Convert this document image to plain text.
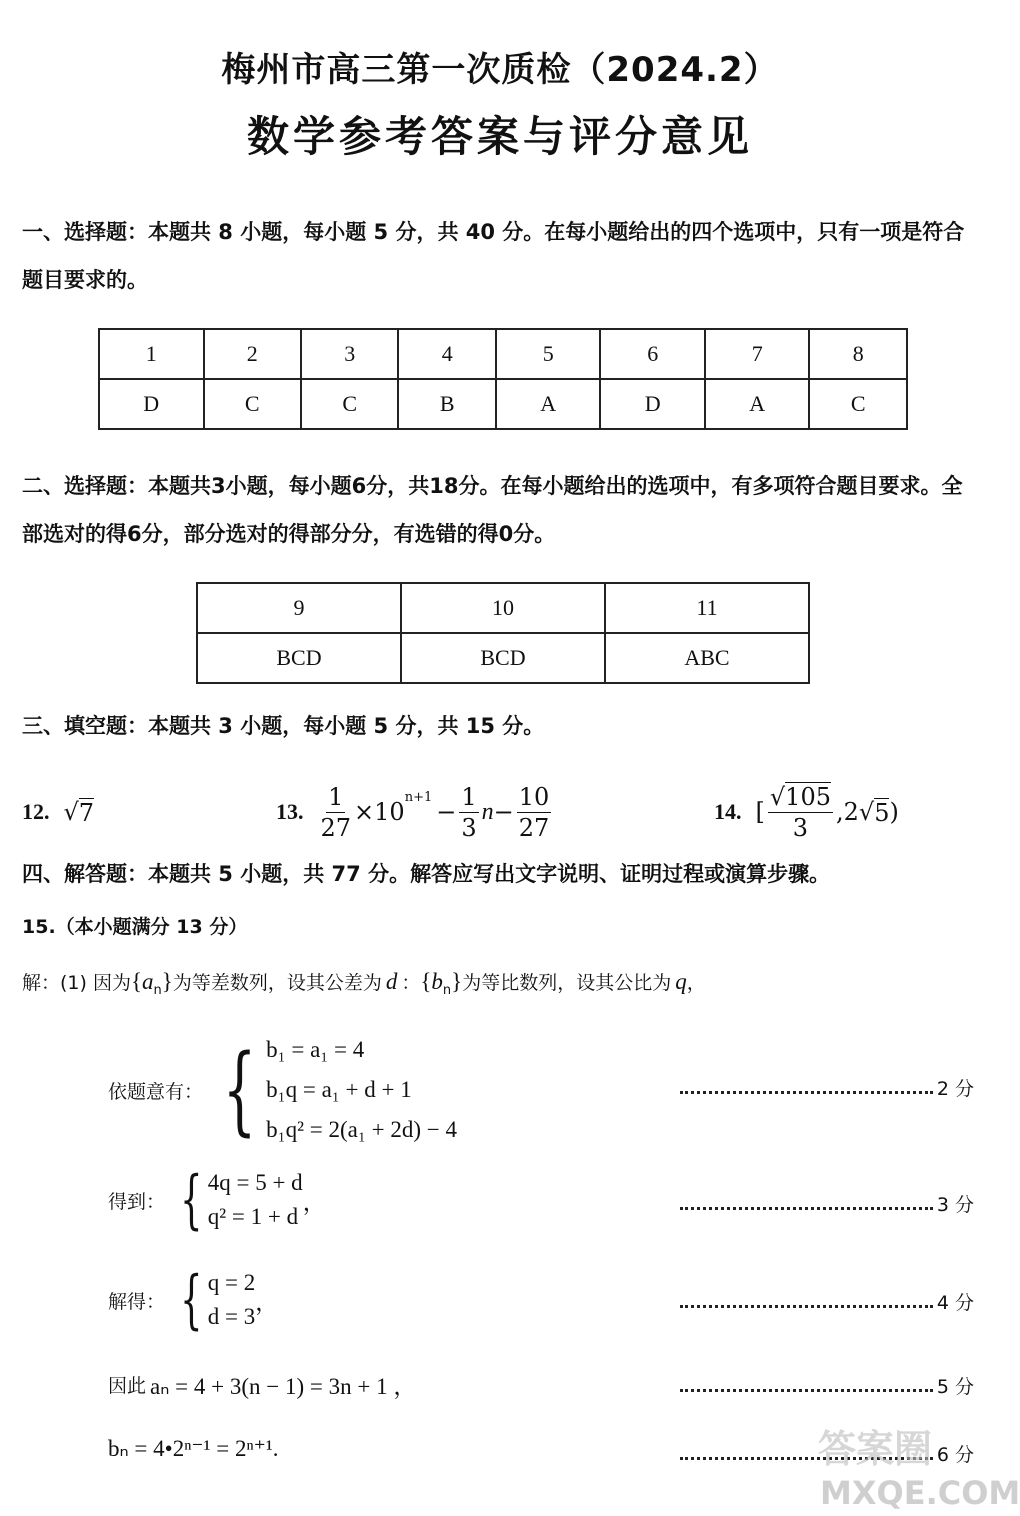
梅州市高三第一次质检（2024.2）
数学参考答案与评分意见
一、选择题：本题共 8 小题，每小题 5 分，共 40 分。在每小题给出的四个选项中，只有一项是符合题目要求的。
1	2	3	4	5	6	7	8
D	C	C	B	A	D	A	C
二、选择题：本题共3小题，每小题6分，共18分。在每小题给出的选项中，有多项符合题目要求。全部选对的得6分，部分选对的得部分分，有选错的得0分。
9	10	11
BCD	BCD	ABC
三、填空题：本题共 3 小题，每小题 5 分，共 15 分。
12. √ 7	13. $\frac{1}{27} \times 10$
$^{n+1}$
− $\frac{1}{3}$ $n - \frac{10}{27}$	14. [ $\frac{√105}{3} ,2$ √ 5 )
四、解答题：本题共 5 小题，共 77 分。解答应写出文字说明、证明过程或演算步骤。
15.（本小题满分 13 分）
解：(1) 因为$\{a_n\}$为等差数列，设其公差为 d ：$\{b_n\}$为等比数列，设其公比为 q，
依题意有： { b₁ = a₁ = 4
b₁q = a₁ + d + 1
b₁q² = 2(a₁ + 2d) − 4
2 分
得到： { 4q = 5 + d
q² = 1 + d
，	3 分
解得： { q = 2
d = 3
，	4 分
因此 aₙ = 4 + 3(n − 1) = 3n + 1 ，	5 分
bₙ = 4•2ⁿ⁻¹ = 2ⁿ⁺¹.	6 分
答案圈
MXQE.COM
